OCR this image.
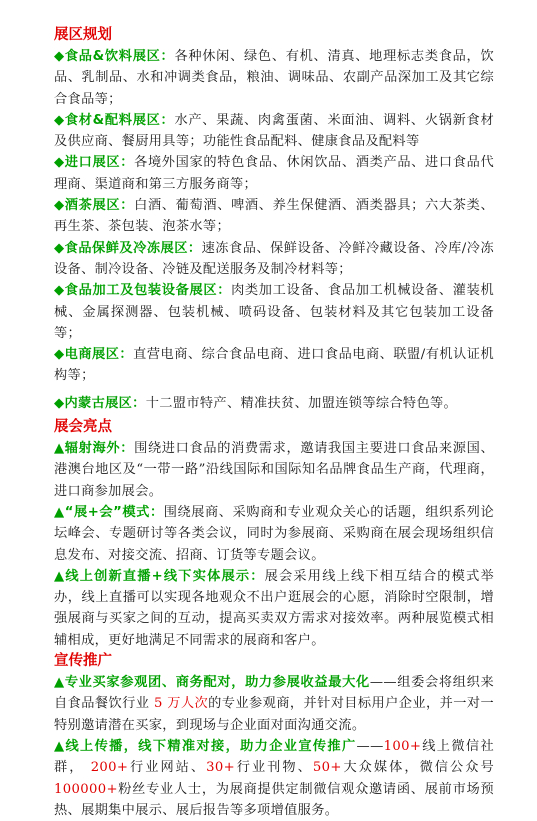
展区规划

◆食品&饮料展区：各种休闲、绿色、有机、清真、地理标志类食品，饮品、乳制品、水和冲调类食品，粮油、调味品、农副产品深加工及其它综合食品等；

◆食材&配料展区：水产、果蔬、肉禽蛋菌、米面油、调料、火锅新食材及供应商、餐厨用具等；功能性食品配料、健康食品及配料等

◆进口展区：各境外国家的特色食品、休闲饮品、酒类产品、进口食品代理商、渠道商和第三方服务商等；

◆酒茶展区：白酒、葡萄酒、啤酒、养生保健酒、酒类器具；六大茶类、再生茶、茶包装、泡茶水等；

◆食品保鲜及冷冻展区：速冻食品、保鲜设备、冷鲜冷藏设备、冷库/冷冻设备、制冷设备、冷链及配送服务及制冷材料等；

◆食品加工及包装设备展区：肉类加工设备、食品加工机械设备、灌装机械、金属探测器、包装机械、喷码设备、包装材料及其它包装加工设备等；

◆电商展区：直营电商、综合食品电商、进口食品电商、联盟/有机认证机构等；

◆内蒙古展区：十二盟市特产、精准扶贫、加盟连锁等综合特色等。

展会亮点

▲辐射海外：围绕进口食品的消费需求，邀请我国主要进口食品来源国、港澳台地区及“一带一路”沿线国际和国际知名品牌食品生产商，代理商，进口商参加展会。

▲“展+会”模式：围绕展商、采购商和专业观众关心的话题，组织系列论坛峰会、专题研讨等各类会议，同时为参展商、采购商在展会现场组织信息发布、对接交流、招商、订货等专题会议。

▲线上创新直播+线下实体展示：展会采用线上线下相互结合的模式举办，线上直播可以实现各地观众不出户逛展会的心愿，消除时空限制，增强展商与买家之间的互动，提高买卖双方需求对接效率。两种展览模式相辅相成，更好地满足不同需求的展商和客户。

宣传推广

▲专业买家参观团、商务配对，助力参展收益最大化——组委会将组织来自食品餐饮行业 5 万人次的专业参观商，并针对目标用户企业，并一对一特别邀请潜在买家，到现场与企业面对面沟通交流。

▲线上传播，线下精准对接，助力企业宣传推广——100+线上微信社群， 200+行业网站、30+行业刊物、50+大众媒体，微信公众号 100000+粉丝专业人士，为展商提供定制微信观众邀请函、展前市场预热、展期集中展示、展后报告等多项增值服务。
